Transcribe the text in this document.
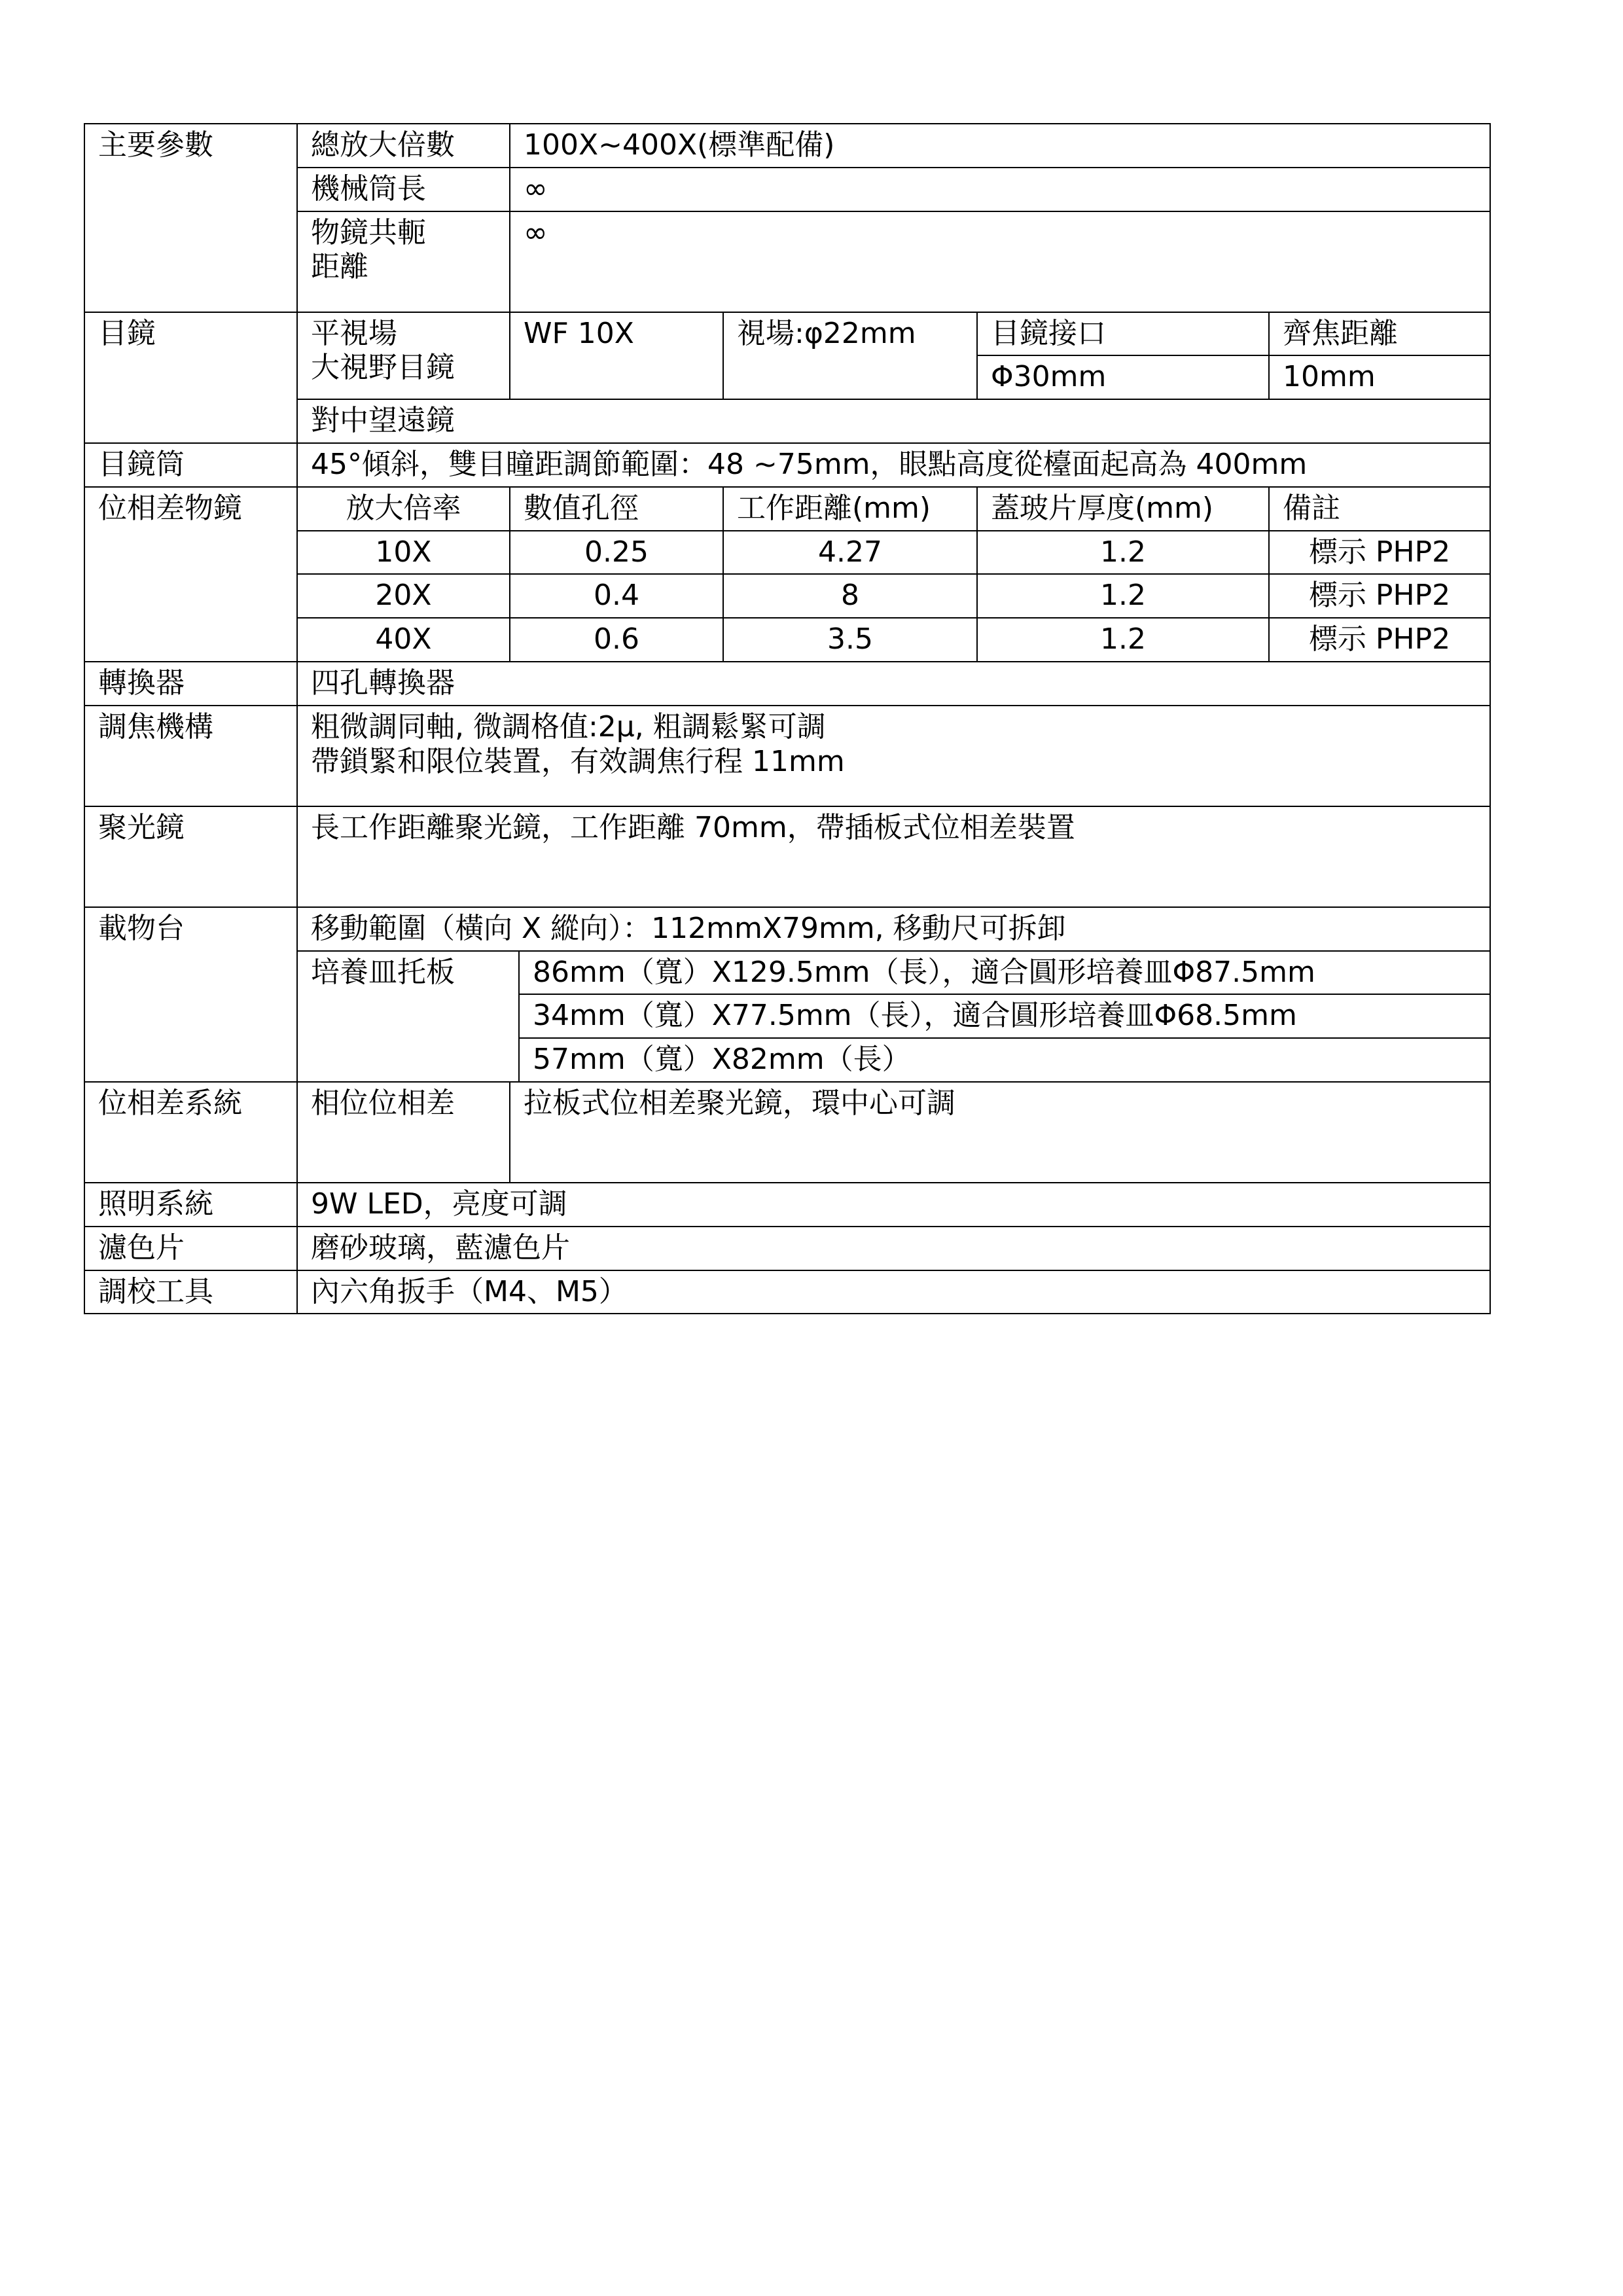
主要參數	總放大倍數	100X~400X(標準配備)				
	機械筒長	∞				

	物鏡共軛
距離	∞				
目鏡	平視場
大視野目鏡	WF 10X		視場:φ22mm	目鏡接口	齊焦距離
					Φ30mm	10mm
	對中望遠鏡					
目鏡筒	45°傾斜，雙目瞳距調節範圍：48 ~75mm，眼點高度從檯面起高為 400mm					
位相差物鏡	放大倍率	數值孔徑		工作距離(mm)	蓋玻片厚度(mm)	備註
	10X	0.25		4.27	1.2	標示 PHP2
	20X	0.4		8	1.2	標示 PHP2
	40X	0.6		3.5	1.2	標示 PHP2
轉換器	四孔轉換器					
調焦機構	粗微調同軸, 微調格值:2μ, 粗調鬆緊可調
帶鎖緊和限位裝置，有效調焦行程 11mm					

聚光鏡	長工作距離聚光鏡，工作距離 70mm，帶插板式位相差裝置					
載物台	移動範圍（橫向 X 縱向）：112mmX79mm, 移動尺可拆卸					
	培養皿托板		86mm（寬）X129.5mm（長），適合圓形培養皿Φ87.5mm			
			34mm（寬）X77.5mm（長），適合圓形培養皿Φ68.5mm			
			57mm（寬）X82mm（長）			
位相差系統	相位位相差	拉板式位相差聚光鏡，環中心可調				
照明系統	9W LED，亮度可調					
濾色片	磨砂玻璃，藍濾色片					
調校工具	內六角扳手（M4、M5）					
